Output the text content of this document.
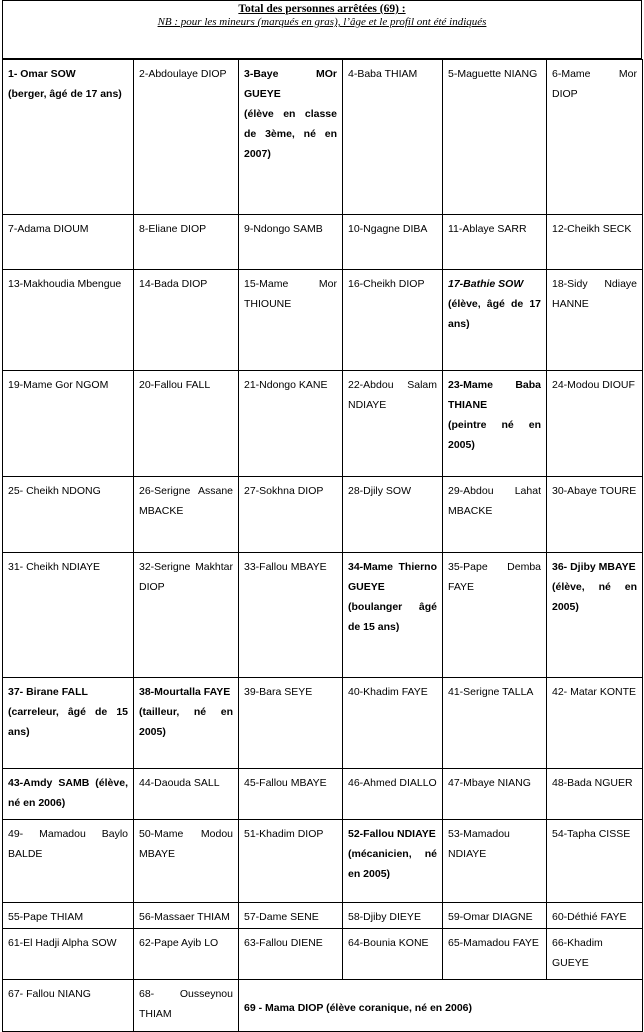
Total des personnes arrêtées (69) :
NB : pour les mineurs (marqués en gras), l’âge et le profil ont été indiqués
1- Omar SOW
(berger, âgé de 17 ans)	2-Abdoulaye DIOP	3-Baye MOr GUEYE
(élève en classe de 3ème, né en 2007)	4-Baba THIAM	5-Maguette NIANG	6-Mame Mor DIOP
7-Adama DIOUM	8-Eliane DIOP	9-Ndongo SAMB	10-Ngagne DIBA	11-Ablaye SARR	12-Cheikh SECK
13-Makhoudia Mbengue	14-Bada DIOP	15-Mame Mor THIOUNE	16-Cheikh DIOP	17-Bathie SOW
(élève, âgé de 17 ans)	18-Sidy Ndiaye HANNE
19-Mame Gor NGOM	20-Fallou FALL	21-Ndongo KANE	22-Abdou Salam NDIAYE	23-Mame Baba THIANE
(peintre né en 2005)	24-Modou DIOUF
25- Cheikh NDONG	26-Serigne Assane MBACKE	27-Sokhna DIOP	28-Djily SOW	29-Abdou Lahat MBACKE	30-Abaye TOURE
31- Cheikh NDIAYE	32-Serigne Makhtar DIOP	33-Fallou MBAYE	34-Mame Thierno GUEYE
(boulanger âgé de 15 ans)	35-Pape Demba FAYE	36- Djiby MBAYE
(élève, né en 2005)
37- Birane FALL
(carreleur, âgé de 15 ans)	38-Mourtalla FAYE
(tailleur, né en 2005)	39-Bara SEYE	40-Khadim FAYE	41-Serigne TALLA	42- Matar KONTE
43-Amdy SAMB (élève, né en 2006)	44-Daouda SALL	45-Fallou MBAYE	46-Ahmed DIALLO	47-Mbaye NIANG	48-Bada NGUER
49- Mamadou Baylo BALDE	50-Mame Modou MBAYE	51-Khadim DIOP	52-Fallou NDIAYE
(mécanicien, né en 2005)	53-Mamadou NDIAYE	54-Tapha CISSE
55-Pape THIAM	56-Massaer THIAM	57-Dame SENE	58-Djiby DIEYE	59-Omar DIAGNE	60-Déthié FAYE
61-El Hadji Alpha SOW	62-Pape Ayib LO	63-Fallou DIENE	64-Bounia KONE	65-Mamadou FAYE	66-Khadim GUEYE
67- Fallou NIANG	68- Ousseynou THIAM	69 - Mama DIOP (élève coranique, né en 2006)			
